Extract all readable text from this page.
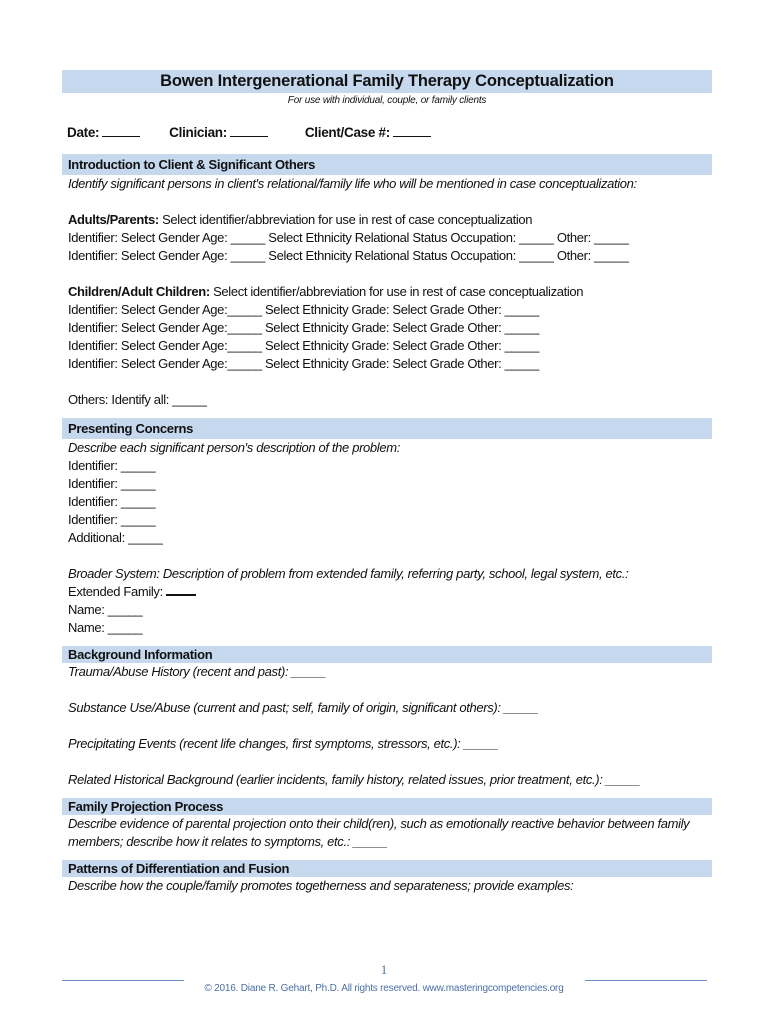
Bowen Intergenerational Family Therapy Conceptualization
For use with individual, couple, or family clients
Date:	Clinician:	Client/Case #:
Introduction to Client & Significant Others
Identify significant persons in client's relational/family life who will be mentioned in case conceptualization:
Adults/Parents: Select identifier/abbreviation for use in rest of case conceptualization
Identifier: Select Gender Age: _____ Select Ethnicity Relational Status Occupation: _____ Other: _____
Identifier: Select Gender Age: _____ Select Ethnicity Relational Status Occupation: _____ Other: _____
Children/Adult Children: Select identifier/abbreviation for use in rest of case conceptualization
Identifier: Select Gender Age:_____ Select Ethnicity Grade: Select Grade Other: _____
Identifier: Select Gender Age:_____ Select Ethnicity Grade: Select Grade Other: _____
Identifier: Select Gender Age:_____ Select Ethnicity Grade: Select Grade Other: _____
Identifier: Select Gender Age:_____ Select Ethnicity Grade: Select Grade Other: _____
Others: Identify all: _____
Presenting Concerns
Describe each significant person's description of the problem:
Identifier: _____
Identifier: _____
Identifier: _____
Identifier: _____
Additional: _____
Broader System: Description of problem from extended family, referring party, school, legal system, etc.:
Extended Family:
Name: _____
Name: _____
Background Information
Trauma/Abuse History (recent and past): _____
Substance Use/Abuse (current and past; self, family of origin, significant others): _____
Precipitating Events (recent life changes, first symptoms, stressors, etc.): _____
Related Historical Background (earlier incidents, family history, related issues, prior treatment, etc.): _____
Family Projection Process
Describe evidence of parental projection onto their child(ren), such as emotionally reactive behavior between family
members; describe how it relates to symptoms, etc.: _____
Patterns of Differentiation and Fusion
Describe how the couple/family promotes togetherness and separateness; provide examples:
1
© 2016. Diane R. Gehart, Ph.D. All rights reserved. www.masteringcompetencies.org
